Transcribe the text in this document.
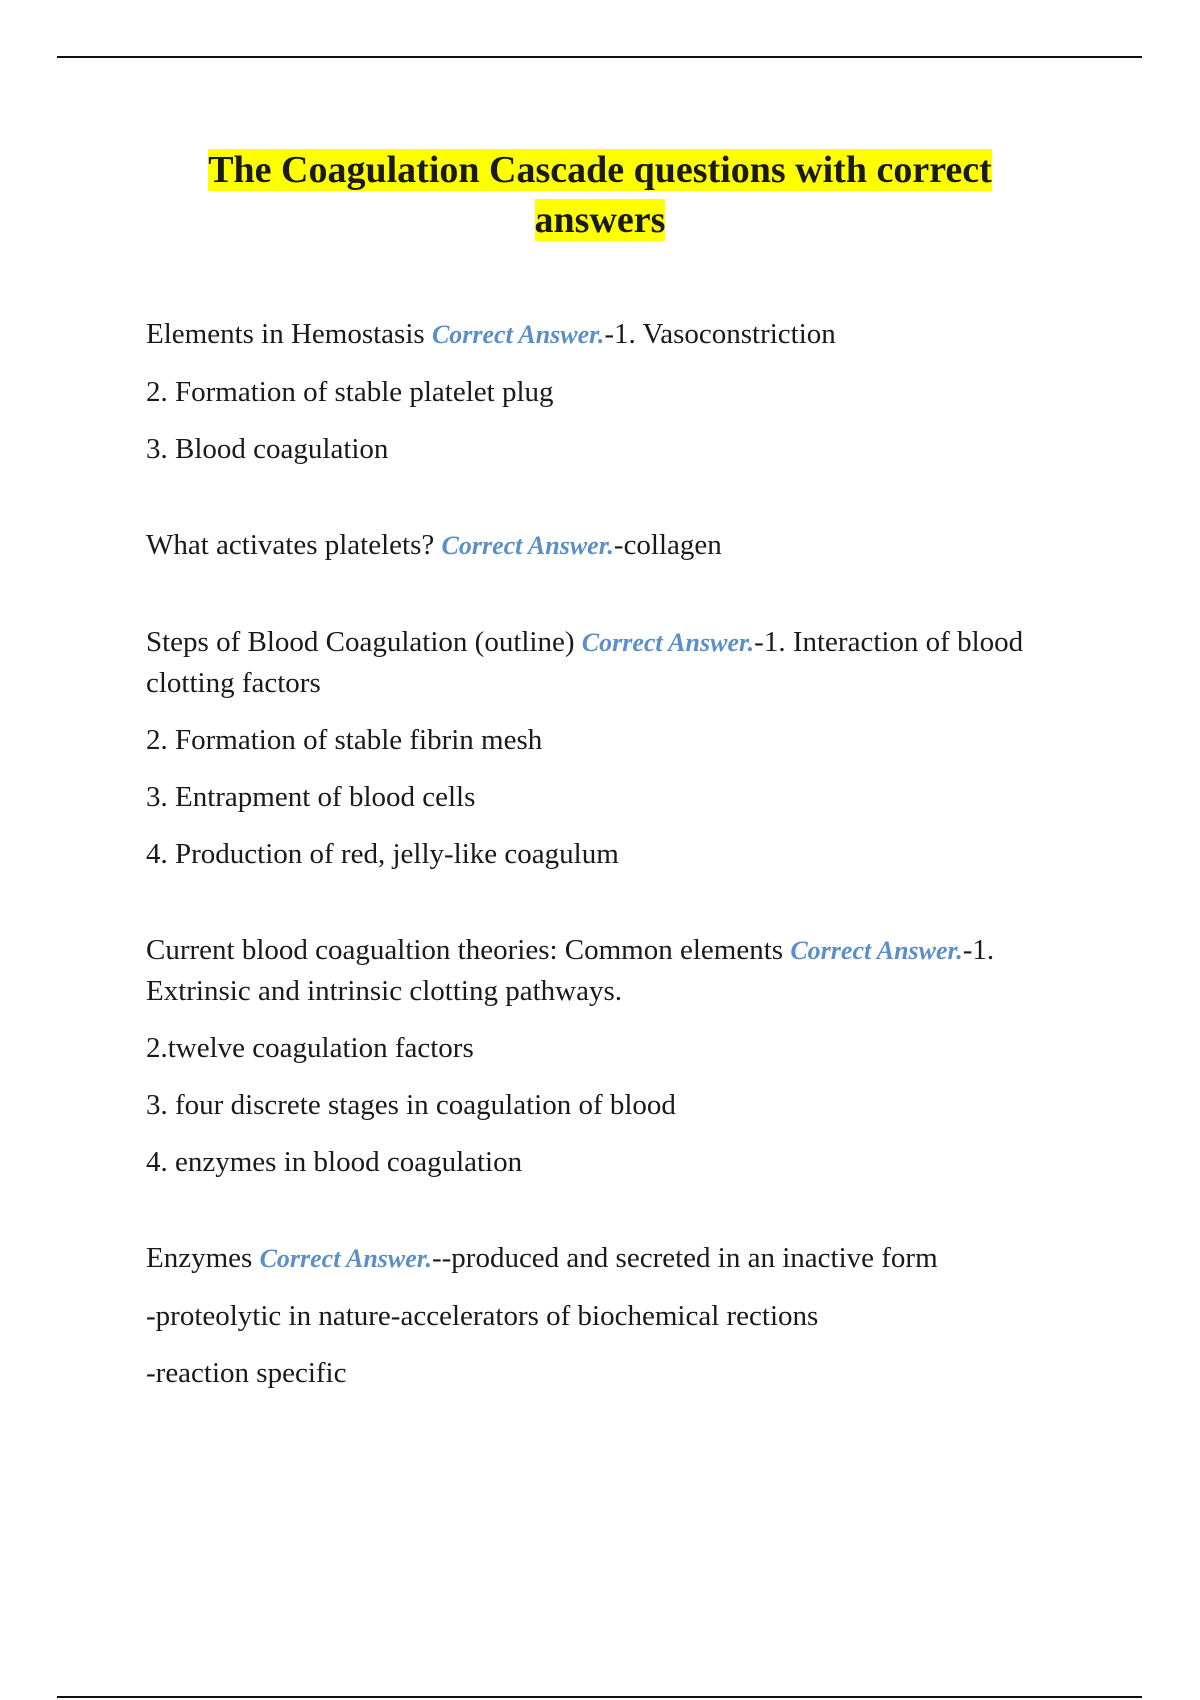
The Coagulation Cascade questions with correct
answers

Elements in Hemostasis Correct Answer.-1. Vasoconstriction

2. Formation of stable platelet plug

3. Blood coagulation

What activates platelets? Correct Answer.-collagen

Steps of Blood Coagulation (outline) Correct Answer.-1. Interaction of blood clotting factors

2. Formation of stable fibrin mesh

3. Entrapment of blood cells

4. Production of red, jelly-like coagulum

Current blood coagualtion theories: Common elements Correct Answer.-1. Extrinsic and intrinsic clotting pathways.

2.twelve coagulation factors

3. four discrete stages in coagulation of blood

4. enzymes in blood coagulation

Enzymes Correct Answer.--produced and secreted in an inactive form

-proteolytic in nature-accelerators of biochemical rections

-reaction specific
